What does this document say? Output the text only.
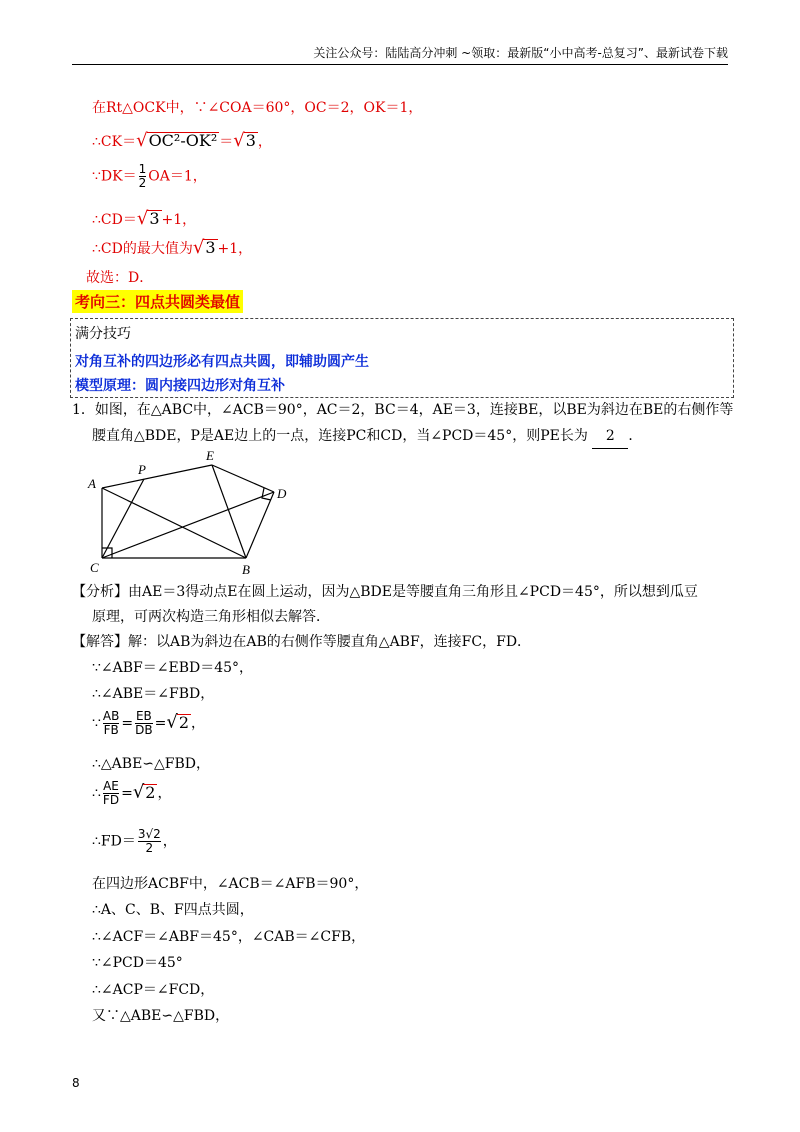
关注公众号：陆陆高分冲刺 ~领取：最新版“小中高考-总复习”、最新试卷下载
在Rt△OCK中，∵∠COA＝60°，OC＝2，OK＝1，
∴CK＝√OC²-OK² ＝√3 ，
∵DK＝ $\frac{1}{2} OA=1$，
∴CD＝√3 +1，
∴CD的最大值为√3 +1，
故选：D．
考向三：四点共圆类最值
满分技巧
对角互补的四边形必有四点共圆，即辅助圆产生
模型原理：圆内接四边形对角互补
1．如图，在△ABC中，∠ACB＝90°，AC＝2，BC＝4，AE＝3，连接BE，以BE为斜边在BE的右侧作等
腰直角△BDE，P是AE边上的一点，连接PC和CD，当∠PCD＝45°，则PE长为 2 ．
A
P
E
D
C	B
【分析】由AE＝3得动点E在圆上运动，因为△BDE是等腰直角三角形且∠PCD＝45°，所以想到瓜豆
原理，可两次构造三角形相似去解答．
【解答】解：以AB为斜边在AB的右侧作等腰直角△ABF，连接FC，FD．
∵∠ABF＝∠EBD＝45°，
∴∠ABE＝∠FBD，
∵ $\frac{AB}{FB} = \frac{EB}{DB} =√2$ ，
∴△ABE∽△FBD，
∴ $\frac{AE}{FD} =√2$ ，
∴FD＝ $\frac{3√2}{2}$ ，
在四边形ACBF中，∠ACB＝∠AFB＝90°，
∴A、C、B、F四点共圆，
∴∠ACF＝∠ABF＝45°，∠CAB＝∠CFB，
∵∠PCD＝45°
∴∠ACP＝∠FCD，
又∵△ABE∽△FBD，
8
